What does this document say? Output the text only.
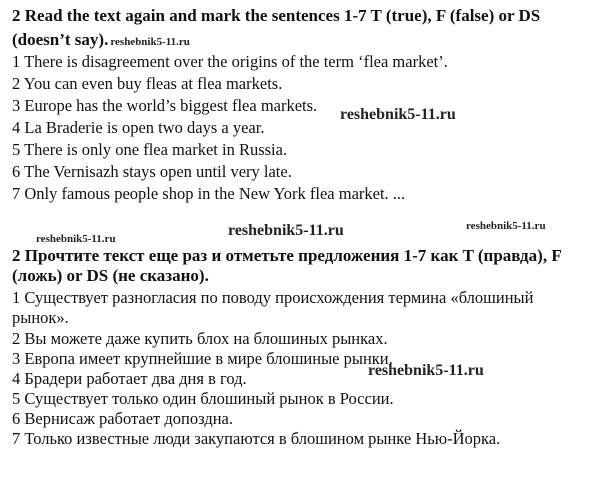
2 Read the text again and mark the sentences 1-7 T (true), F (false) or DS
(doesn’t say). reshebnik5-11.ru
1 There is disagreement over the origins of the term ‘flea market’.
2 You can even buy fleas at flea markets.
3 Europe has the world’s biggest flea markets.
4 La Braderie is open two days a year.
5 There is only one flea market in Russia.
6 The Vernisazh stays open until very late.
7 Only famous people shop in the New York flea market. ...
reshebnik5-11.ru
reshebnik5-11.ru	reshebnik5-11.ru
reshebnik5-11.ru
2 Прочтите текст еще раз и отметьте предложения 1-7 как T (правда), F
(ложь) or DS (не сказано).
1 Существует разногласия по поводу происхождения термина «блошиный
рынок».
2 Вы можете даже купить блох на блошиных рынках.
3 Европа имеет крупнейшие в мире блошиные рынки.
4 Брадери работает два дня в год.
5 Существует только один блошиный рынок в России.
6 Вернисаж работает допоздна.
7 Только известные люди закупаются в блошином рынке Нью-Йорка.
reshebnik5-11.ru
